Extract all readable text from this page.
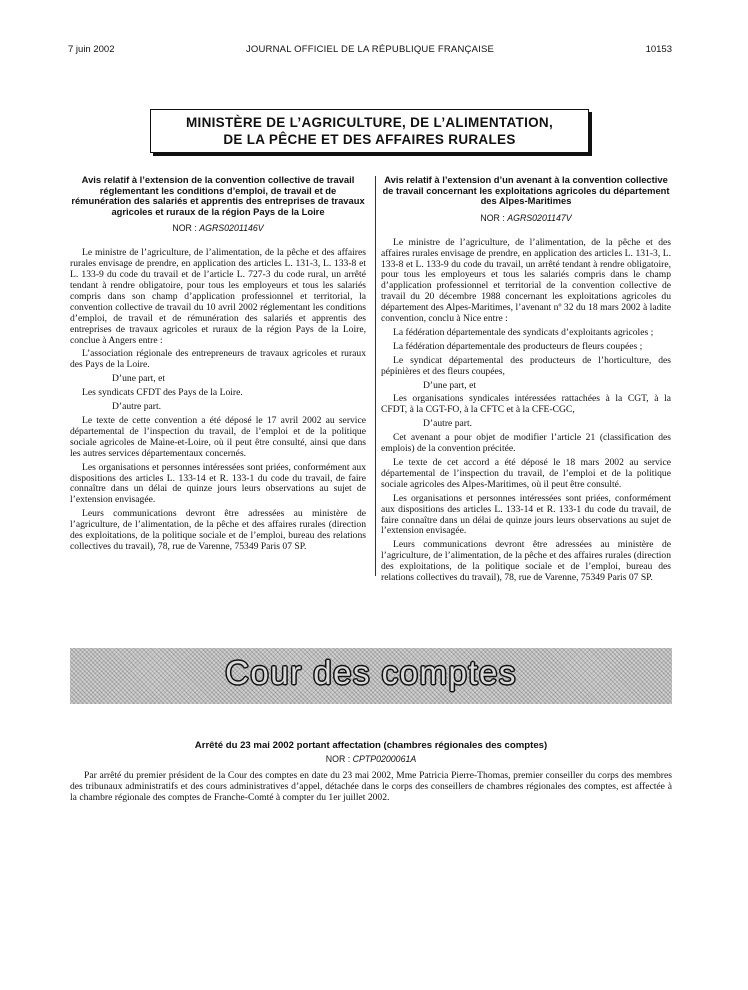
7 juin 2002	JOURNAL OFFICIEL DE LA RÉPUBLIQUE FRANÇAISE	10153
MINISTÈRE DE L’AGRICULTURE, DE L’ALIMENTATION,
DE LA PÊCHE ET DES AFFAIRES RURALES
Avis relatif à l’extension de la convention collective de travail réglementant les conditions d’emploi, de travail et de rémunération des salariés et apprentis des entreprises de travaux agricoles et ruraux de la région Pays de la Loire
NOR : AGRS0201146V

Le ministre de l’agriculture, de l’alimentation, de la pêche et des affaires rurales envisage de prendre, en application des articles L. 131-3, L. 133-8 et L. 133-9 du code du travail et de l’article L. 727-3 du code rural, un arrêté tendant à rendre obligatoire, pour tous les employeurs et tous les salariés compris dans son champ d’application professionnel et territorial, la convention collective de travail du 10 avril 2002 réglementant les conditions d’emploi, de travail et de rémunération des salariés et apprentis des entreprises de travaux agricoles et ruraux de la région Pays de la Loire, conclue à Angers entre :

L’association régionale des entrepreneurs de travaux agricoles et ruraux des Pays de la Loire.

D’une part, et

Les syndicats CFDT des Pays de la Loire.

D’autre part.

Le texte de cette convention a été déposé le 17 avril 2002 au service départemental de l’inspection du travail, de l’emploi et de la politique sociale agricoles de Maine-et-Loire, où il peut être consulté, ainsi que dans les autres services départementaux concernés.

Les organisations et personnes intéressées sont priées, conformément aux dispositions des articles L. 133-14 et R. 133-1 du code du travail, de faire connaître dans un délai de quinze jours leurs observations au sujet de l’extension envisagée.

Leurs communications devront être adressées au ministère de l’agriculture, de l’alimentation, de la pêche et des affaires rurales (direction des exploitations, de la politique sociale et de l’emploi, bureau des relations collectives du travail), 78, rue de Varenne, 75349 Paris 07 SP.

Avis relatif à l’extension d’un avenant à la convention collective de travail concernant les exploitations agricoles du département des Alpes-Maritimes
NOR : AGRS0201147V

Le ministre de l’agriculture, de l’alimentation, de la pêche et des affaires rurales envisage de prendre, en application des articles L. 131-3, L. 133-8 et L. 133-9 du code du travail, un arrêté tendant à rendre obligatoire, pour tous les employeurs et tous les salariés compris dans le champ d’application professionnel et territorial de la convention collective de travail du 20 décembre 1988 concernant les exploitations agricoles du département des Alpes-Maritimes, l’avenant nº 32 du 18 mars 2002 à ladite convention, conclu à Nice entre :

La fédération départementale des syndicats d’exploitants agricoles ;

La fédération départementale des producteurs de fleurs coupées ;

Le syndicat départemental des producteurs de l’horticulture, des pépinières et des fleurs coupées,

D’une part, et

Les organisations syndicales intéressées rattachées à la CGT, à la CFDT, à la CGT-FO, à la CFTC et à la CFE-CGC,

D’autre part.

Cet avenant a pour objet de modifier l’article 21 (classification des emplois) de la convention précitée.

Le texte de cet accord a été déposé le 18 mars 2002 au service départemental de l’inspection du travail, de l’emploi et de la politique sociale agricoles des Alpes-Maritimes, où il peut être consulté.

Les organisations et personnes intéressées sont priées, conformément aux dispositions des articles L. 133-14 et R. 133-1 du code du travail, de faire connaître dans un délai de quinze jours leurs observations au sujet de l’extension envisagée.

Leurs communications devront être adressées au ministère de l’agriculture, de l’alimentation, de la pêche et des affaires rurales (direction des exploitations, de la politique sociale et de l’emploi, bureau des relations collectives du travail), 78, rue de Varenne, 75349 Paris 07 SP.

Cour des comptes
Arrêté du 23 mai 2002 portant affectation (chambres régionales des comptes)
NOR : CPTP0200061A

Par arrêté du premier président de la Cour des comptes en date du 23 mai 2002, Mme Patricia Pierre-Thomas, premier conseiller du corps des membres des tribunaux administratifs et des cours administratives d’appel, détachée dans le corps des conseillers de chambres régionales des comptes, est affectée à la chambre régionale des comptes de Franche-Comté à compter du 1er juillet 2002.
